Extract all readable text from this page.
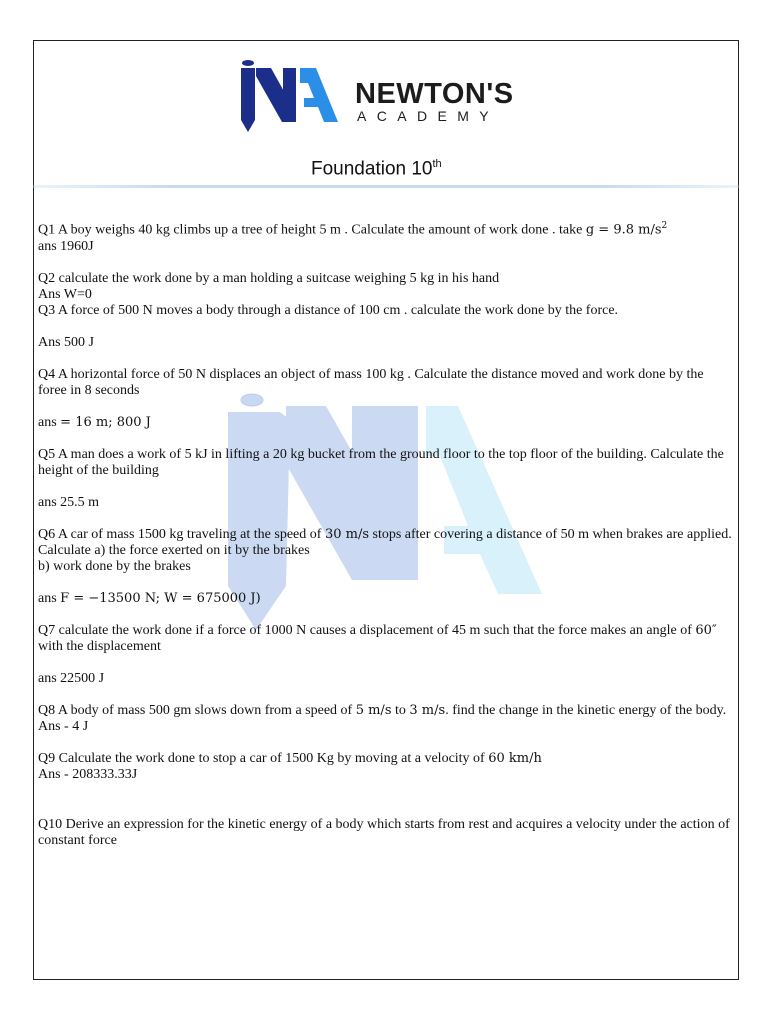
NEWTON'S
ACADEMY
Foundation 10th

Q1 A boy weighs 40 kg climbs up a tree of height 5 m . Calculate the amount of work done . take g = 9.8 $m/s^2$

ans 1960J

Q2 calculate the work done by a man holding a suitcase weighing 5 kg in his hand

Ans W=0

Q3 A force of 500 N moves a body through a distance of 100 cm . calculate the work done by the force.

Ans 500 J

Q4 A horizontal force of 50 N displaces an object of mass 100 kg . Calculate the distance moved and work done by the foree in 8 seconds

ans = 16 m; 800 J

Q5 A man does a work of 5 kJ in lifting a 20 kg bucket from the ground floor to the top floor of the building. Calculate the height of the building

ans 25.5 m

Q6 A car of mass 1500 kg traveling at the speed of 30 m/s stops after covering a distance of 50 m when brakes are applied. Calculate a) the force exerted on it by the brakes

b) work done by the brakes

ans F = −13500 N; W = 675000 J)

Q7 calculate the work done if a force of 1000 N causes a displacement of 45 m such that the force makes an angle of 60″ with the displacement

ans 22500 J

Q8 A body of mass 500 gm slows down from a speed of 5 m/s to 3 m/s. find the change in the kinetic energy of the body.

Ans - 4 J

Q9 Calculate the work done to stop a car of 1500 Kg by moving at a velocity of 60 km/h

Ans - 208333.33J

Q10 Derive an expression for the kinetic energy of a body which starts from rest and acquires a velocity under the action of constant force
